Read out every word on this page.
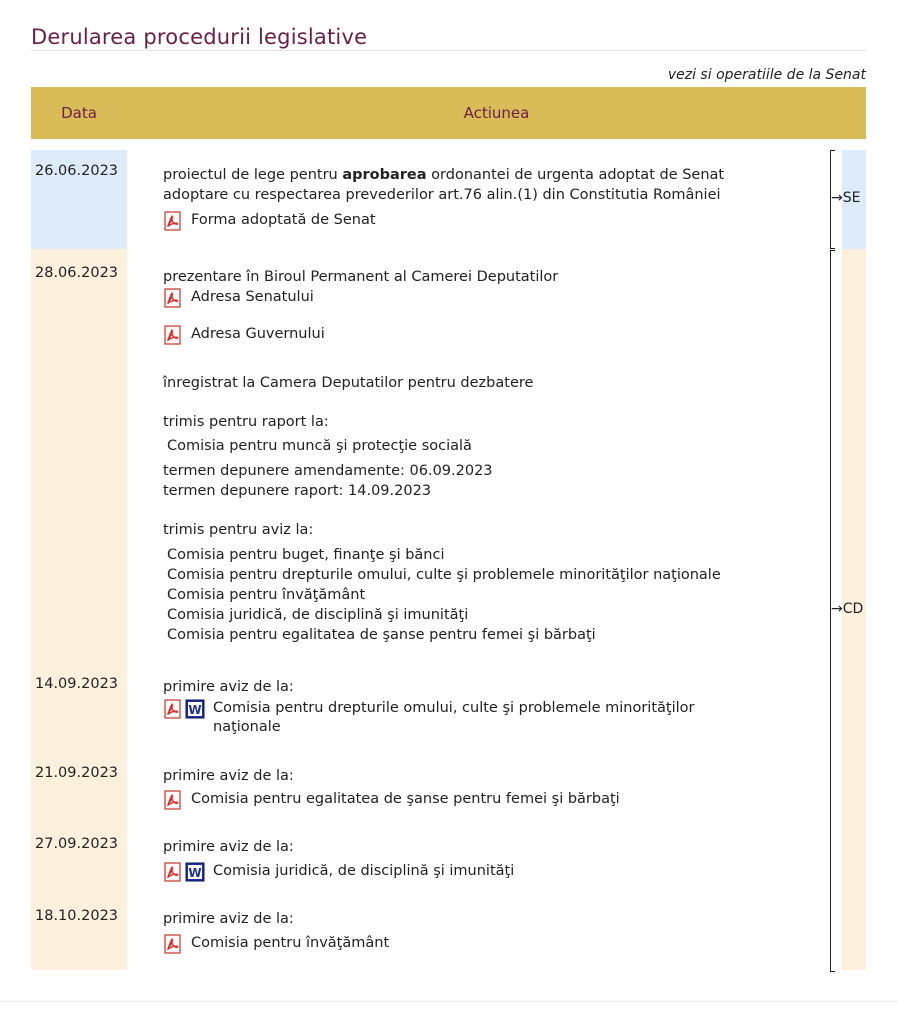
Derularea procedurii legislative
vezi si operatiile de la Senat
Data	Actiunea
→SE
→CD
26.06.2023	proiectul de lege pentru aprobarea ordonantei de urgenta adoptat de Senat
adoptare cu respectarea prevederilor art.76 alin.(1) din Constitutia României
Forma adoptată de Senat
28.06.2023	prezentare în Biroul Permanent al Camerei Deputatilor
Adresa Senatului
Adresa Guvernului
înregistrat la Camera Deputatilor pentru dezbatere
trimis pentru raport la:
Comisia pentru muncă şi protecţie socială
termen depunere amendamente: 06.09.2023
termen depunere raport: 14.09.2023
trimis pentru aviz la:
Comisia pentru buget, finanţe şi bănci
Comisia pentru drepturile omului, culte şi problemele minorităţilor naţionale
Comisia pentru învăţământ
Comisia juridică, de disciplină şi imunităţi
Comisia pentru egalitatea de şanse pentru femei şi bărbaţi
14.09.2023	primire aviz de la:
Comisia pentru drepturile omului, culte şi problemele minorităţilor
naţionale
21.09.2023	primire aviz de la:
Comisia pentru egalitatea de şanse pentru femei şi bărbaţi
27.09.2023	primire aviz de la:
Comisia juridică, de disciplină şi imunităţi
18.10.2023	primire aviz de la:
Comisia pentru învăţământ
